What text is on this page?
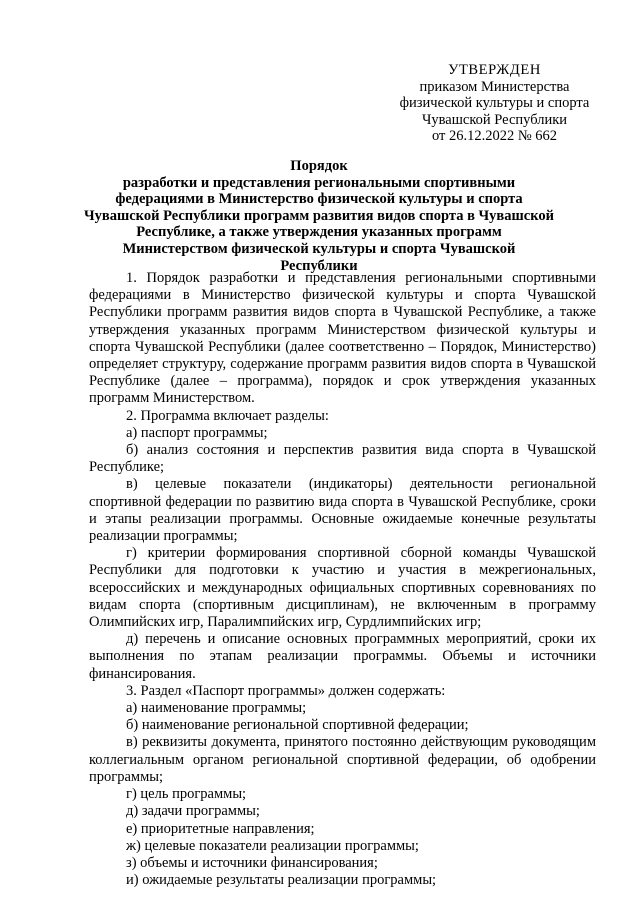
УТВЕРЖДЕН
приказом Министерства
физической культуры и спорта
Чувашской Республики
от 26.12.2022 № 662
Порядок
разработки и представления региональными спортивными федерациями в Министерство физической культуры и спорта Чувашской Республики программ развития видов спорта в Чувашской Республике, а также утверждения указанных программ Министерством физической культуры и спорта Чувашской Республики

1. Порядок разработки и представления региональными спортивными федерациями в Министерство физической культуры и спорта Чувашской Республики программ развития видов спорта в Чувашской Республике, а также утверждения указанных программ Министерством физической культуры и спорта Чувашской Республики (далее соответственно – Порядок, Министерство) определяет структуру, содержание программ развития видов спорта в Чувашской Республике (далее – программа), порядок и срок утверждения указанных программ Министерством.

2. Программа включает разделы:

а) паспорт программы;

б) анализ состояния и перспектив развития вида спорта в Чувашской Республике;

в) целевые показатели (индикаторы) деятельности региональной спортивной федерации по развитию вида спорта в Чувашской Республике, сроки и этапы реализации программы. Основные ожидаемые конечные результаты реализации программы;

г) критерии формирования спортивной сборной команды Чувашской Республики для подготовки к участию и участия в межрегиональных, всероссийских и международных официальных спортивных соревнованиях по видам спорта (спортивным дисциплинам), не включенным в программу Олимпийских игр, Паралимпийских игр, Сурдлимпийских игр;

д) перечень и описание основных программных мероприятий, сроки их выполнения по этапам реализации программы. Объемы и источники финансирования.

3. Раздел «Паспорт программы» должен содержать:

а) наименование программы;

б) наименование региональной спортивной федерации;

в) реквизиты документа, принятого постоянно действующим руководящим коллегиальным органом региональной спортивной федерации, об одобрении программы;

г) цель программы;

д) задачи программы;

е) приоритетные направления;

ж) целевые показатели реализации программы;

з) объемы и источники финансирования;

и) ожидаемые результаты реализации программы;
